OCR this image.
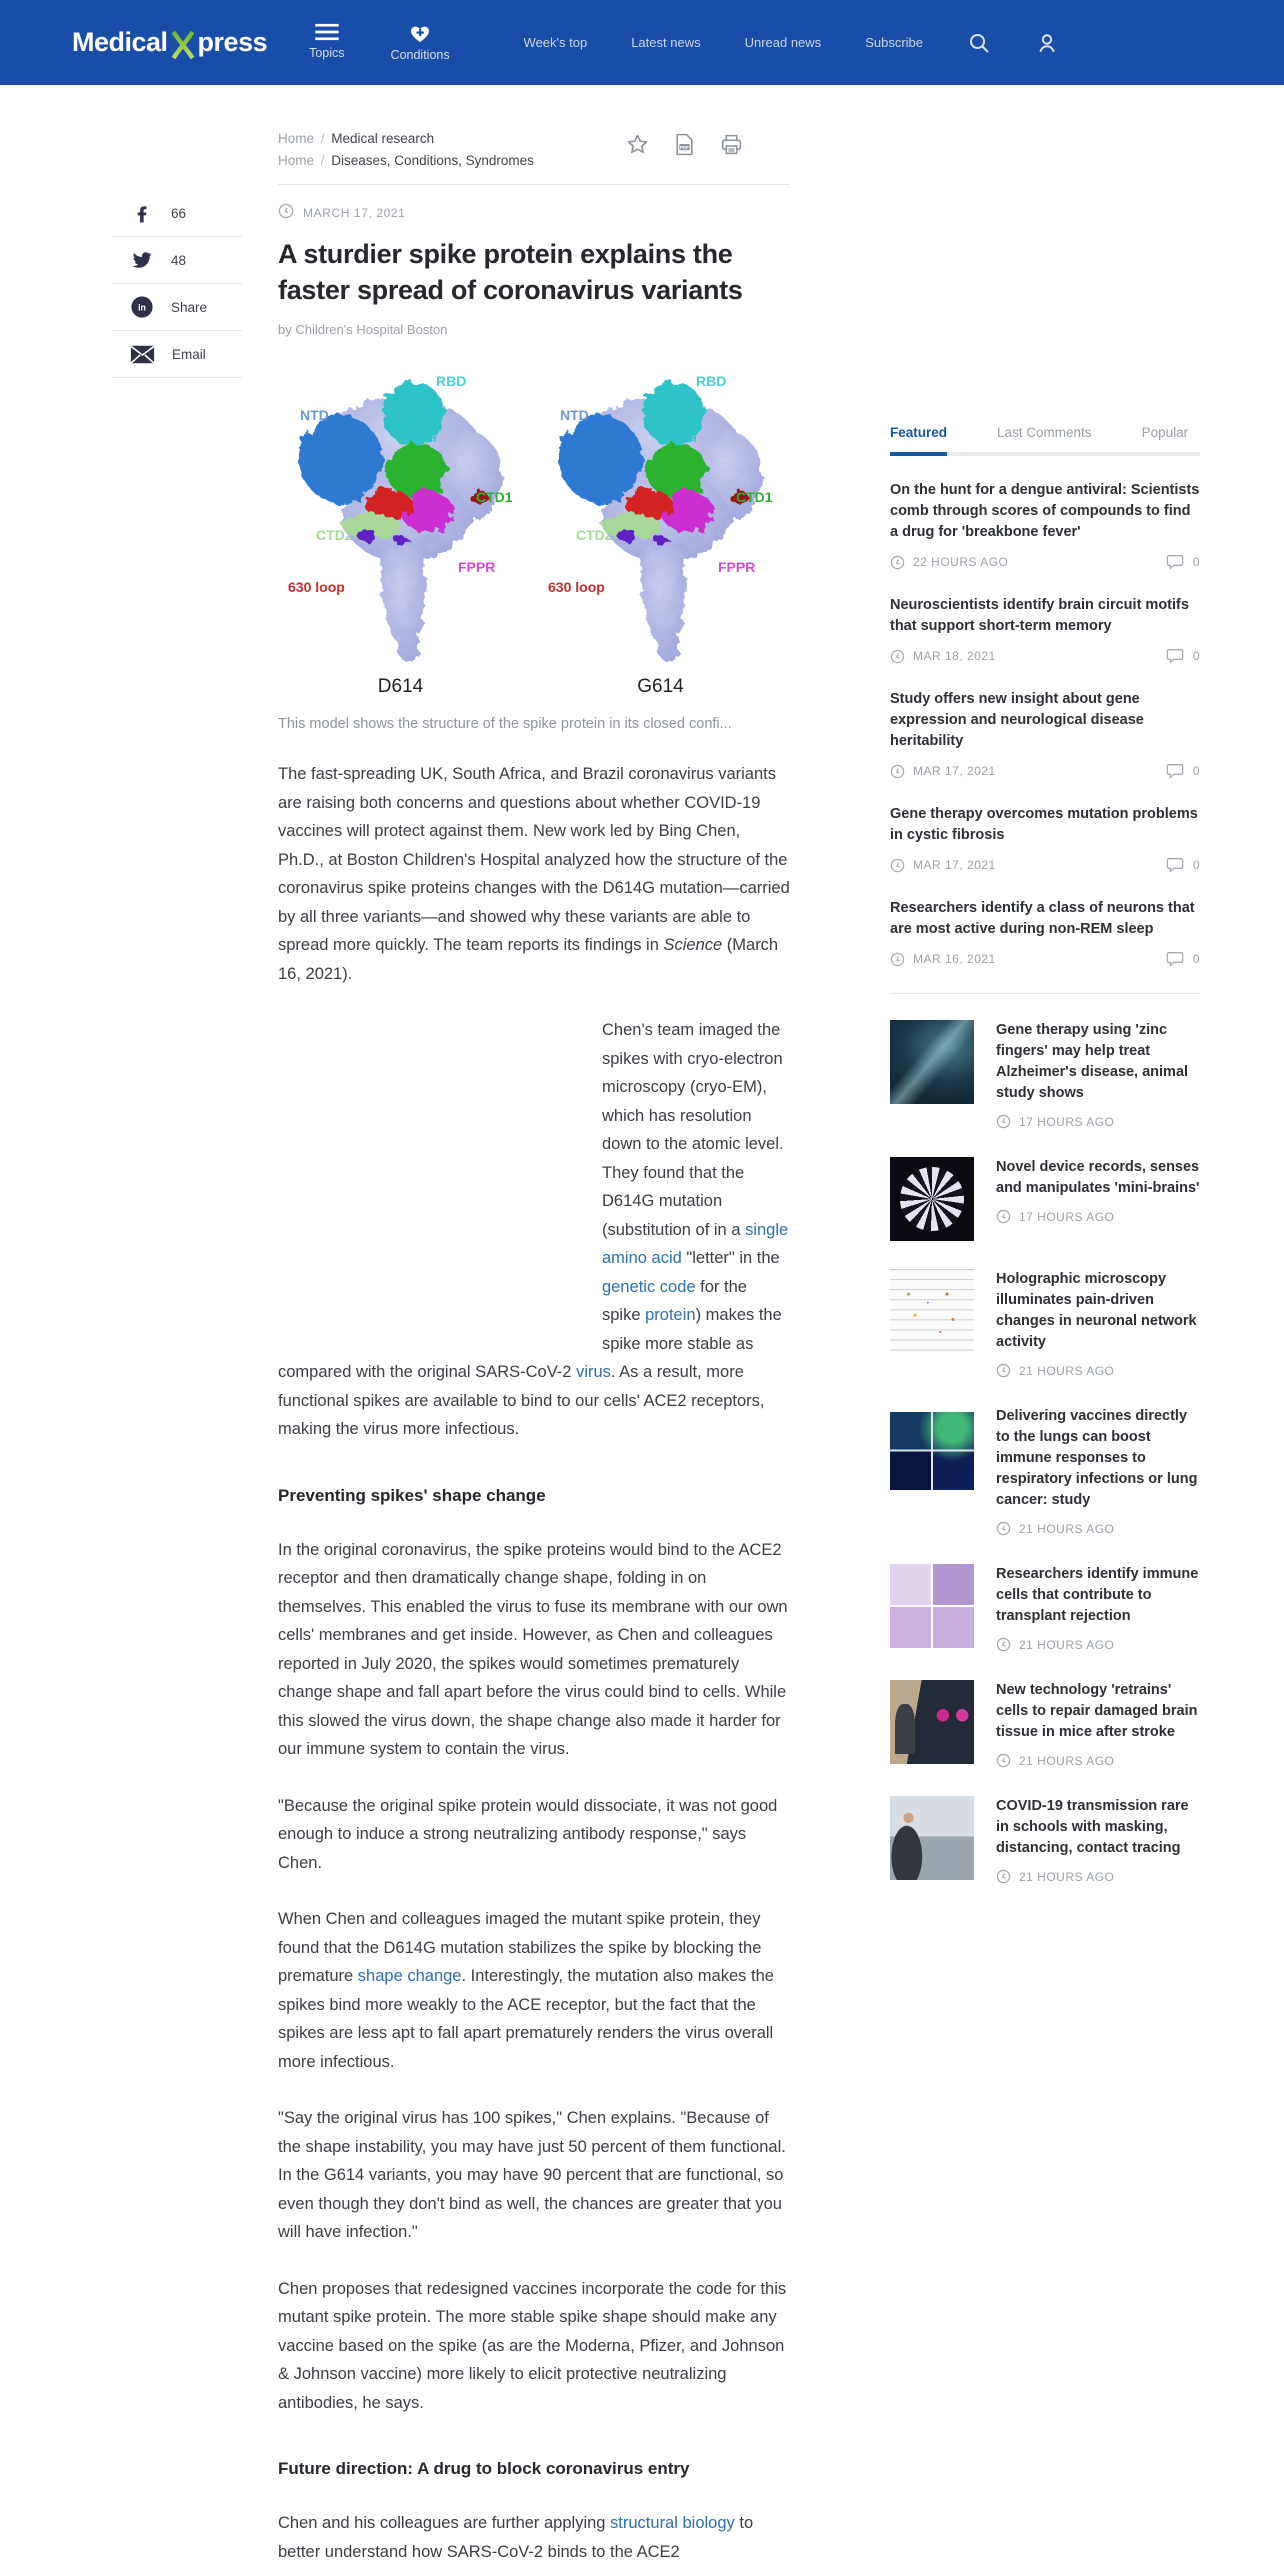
Medical press	Topics	Conditions
Week's top	Latest news	Unread news	Subscribe
66
48
in Share
Email
Home / Medical research
Home / Diseases, Conditions, Syndromes
PDF
MARCH 17, 2021
A sturdier spike protein explains the faster spread of coronavirus variants
by Children's Hospital Boston
RBD
NTD
CTD1
CTD2
FPPR
630 loop
D614
RBD
NTD
CTD1
CTD2
FPPR
630 loop
G614
This model shows the structure of the spike protein in its closed confi...

The fast-spreading UK, South Africa, and Brazil coronavirus variants are raising both concerns and questions about whether COVID-19 vaccines will protect against them. New work led by Bing Chen, Ph.D., at Boston Children's Hospital analyzed how the structure of the coronavirus spike proteins changes with the D614G mutation—carried by all three variants—and showed why these variants are able to spread more quickly. The team reports its findings in Science (March 16, 2021).

Chen's team imaged the spikes with cryo-electron microscopy (cryo-EM), which has resolution down to the atomic level. They found that the D614G mutation (substitution of in a single amino acid "letter" in the genetic code for the spike protein) makes the spike more stable as compared with the original SARS-CoV-2 virus. As a result, more functional spikes are available to bind to our cells' ACE2 receptors, making the virus more infectious.

Preventing spikes' shape change

In the original coronavirus, the spike proteins would bind to the ACE2 receptor and then dramatically change shape, folding in on themselves. This enabled the virus to fuse its membrane with our own cells' membranes and get inside. However, as Chen and colleagues reported in July 2020, the spikes would sometimes prematurely change shape and fall apart before the virus could bind to cells. While this slowed the virus down, the shape change also made it harder for our immune system to contain the virus.

"Because the original spike protein would dissociate, it was not good enough to induce a strong neutralizing antibody response," says Chen.

When Chen and colleagues imaged the mutant spike protein, they found that the D614G mutation stabilizes the spike by blocking the premature shape change. Interestingly, the mutation also makes the spikes bind more weakly to the ACE receptor, but the fact that the spikes are less apt to fall apart prematurely renders the virus overall more infectious.

"Say the original virus has 100 spikes," Chen explains. "Because of the shape instability, you may have just 50 percent of them functional. In the G614 variants, you may have 90 percent that are functional, so even though they don't bind as well, the chances are greater that you will have infection."

Chen proposes that redesigned vaccines incorporate the code for this mutant spike protein. The more stable spike shape should make any vaccine based on the spike (as are the Moderna, Pfizer, and Johnson & Johnson vaccine) more likely to elicit protective neutralizing antibodies, he says.

Future direction: A drug to block coronavirus entry

Chen and his colleagues are further applying structural biology to better understand how SARS-CoV-2 binds to the ACE2

Featured	Last Comments	Popular
On the hunt for a dengue antiviral: Scientists comb through scores of compounds to find a drug for 'breakbone fever'
22 HOURS AGO	0
Neuroscientists identify brain circuit motifs that support short-term memory
MAR 18, 2021	0
Study offers new insight about gene expression and neurological disease heritability
MAR 17, 2021	0
Gene therapy overcomes mutation problems in cystic fibrosis
MAR 17, 2021	0
Researchers identify a class of neurons that are most active during non-REM sleep
MAR 16, 2021	0
Gene therapy using 'zinc fingers' may help treat Alzheimer's disease, animal study shows
17 HOURS AGO
Novel device records, senses and manipulates 'mini-brains'
17 HOURS AGO
Holographic microscopy illuminates pain-driven changes in neuronal network activity
21 HOURS AGO
Delivering vaccines directly to the lungs can boost immune responses to respiratory infections or lung cancer: study
21 HOURS AGO
Researchers identify immune cells that contribute to transplant rejection
21 HOURS AGO
New technology 'retrains' cells to repair damaged brain tissue in mice after stroke
21 HOURS AGO
COVID-19 transmission rare in schools with masking, distancing, contact tracing
21 HOURS AGO
